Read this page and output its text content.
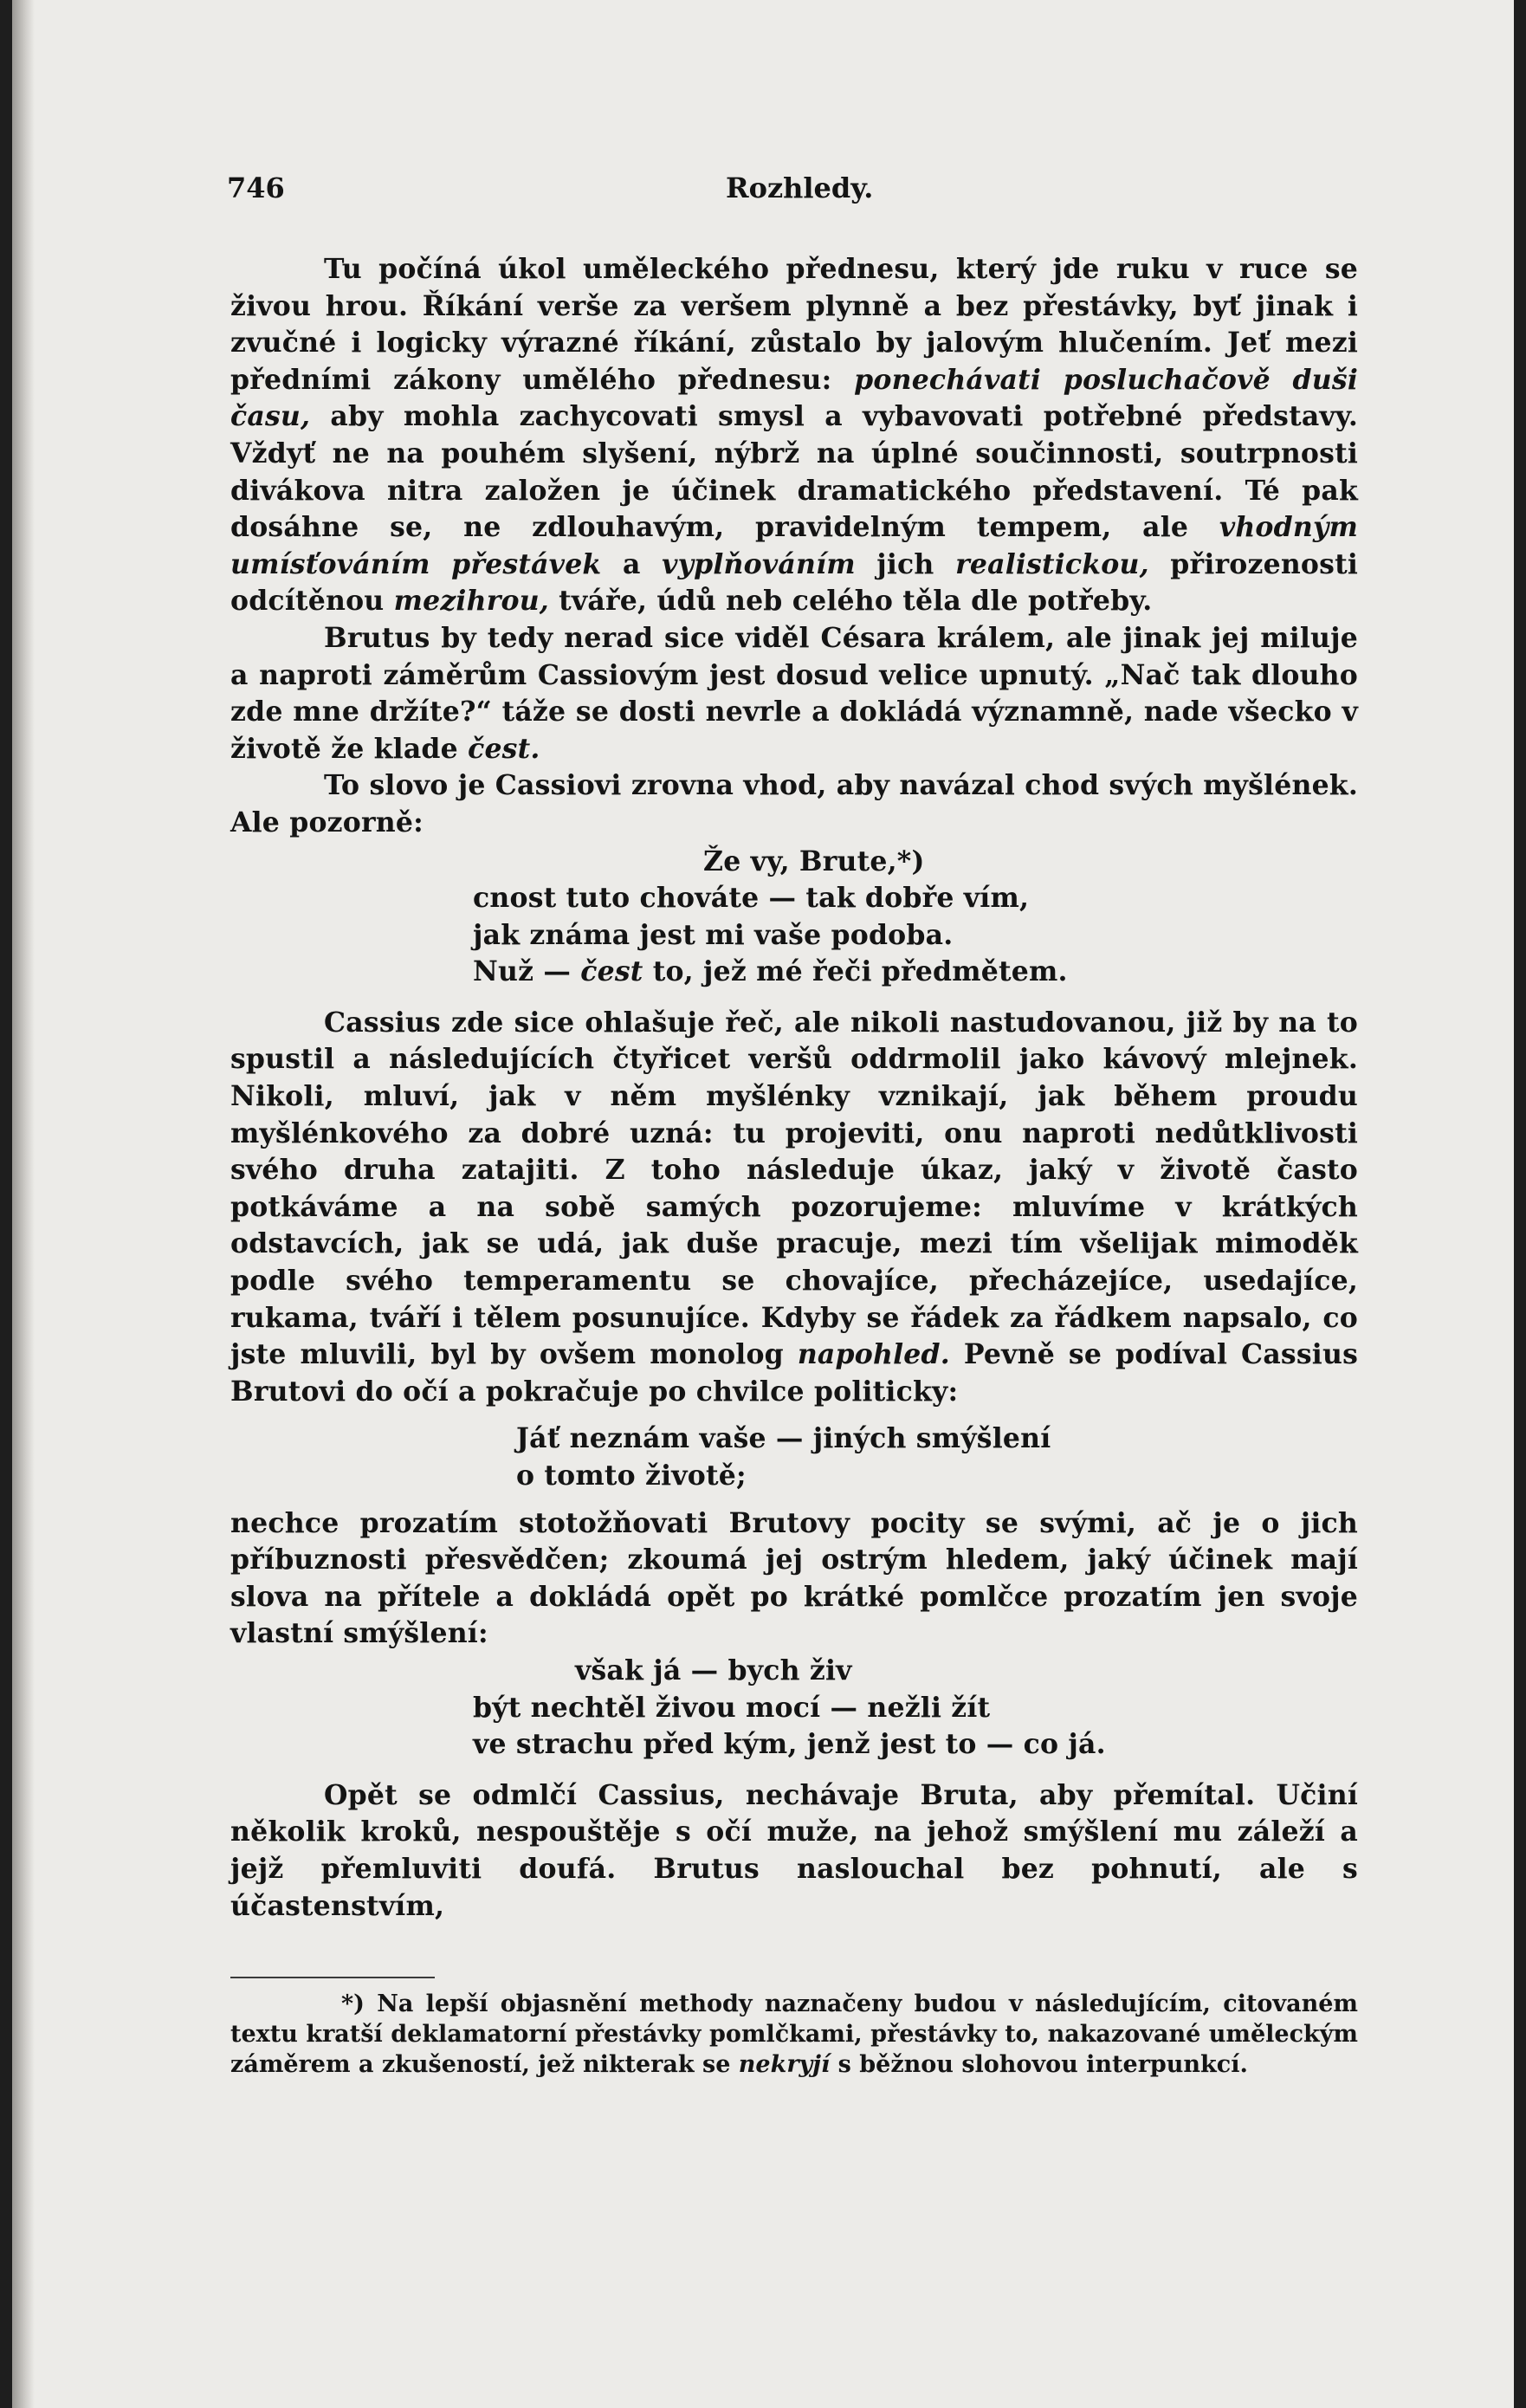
746	Rozhledy.

Tu počíná úkol uměleckého přednesu, který jde ruku v ruce se živou hrou. Říkání verše za veršem plynně a bez přestávky, byť jinak i zvučné i logicky výrazné říkání, zůstalo by jalovým hlučením. Jeť mezi předními zákony umělého přednesu: ponechávati posluchačově duši času, aby mohla zachycovati smysl a vybavovati potřebné představy. Vždyť ne na pouhém slyšení, nýbrž na úplné součinnosti, soutrpnosti divákova nitra založen je účinek dramatického představení. Té pak dosáhne se, ne zdlouhavým, pravidelným tempem, ale vhodným umísťováním přestávek a vyplňováním jich realistickou, přirozenosti odcítěnou mezihrou, tváře, údů neb celého těla dle potřeby.

Brutus by tedy nerad sice viděl Césara králem, ale jinak jej miluje a naproti záměrům Cassiovým jest dosud velice upnutý. „Nač tak dlouho zde mne držíte?“ táže se dosti nevrle a dokládá významně, nade všecko v životě že klade čest.

To slovo je Cassiovi zrovna vhod, aby navázal chod svých myšlének. Ale pozorně:

Že vy, Brute,*)
cnost tuto chováte — tak dobře vím,
jak známa jest mi vaše podoba.
Nuž — čest to, jež mé řeči předmětem.

Cassius zde sice ohlašuje řeč, ale nikoli nastudovanou, již by na to spustil a následujících čtyřicet veršů oddrmolil jako kávový mlejnek. Nikoli, mluví, jak v něm myšlénky vznikají, jak během proudu myšlénkového za dobré uzná: tu projeviti, onu naproti nedůtklivosti svého druha zatajiti. Z toho následuje úkaz, jaký v životě často potkáváme a na sobě samých pozorujeme: mluvíme v krátkých odstavcích, jak se udá, jak duše pracuje, mezi tím všelijak mimoděk podle svého temperamentu se chovajíce, přecházejíce, usedajíce, rukama, tváří i tělem posunujíce. Kdyby se řádek za řádkem napsalo, co jste mluvili, byl by ovšem monolog napohled. Pevně se podíval Cassius Brutovi do očí a pokračuje po chvilce politicky:

Jáť neznám vaše — jiných smýšlení
o tomto životě;

nechce prozatím stotožňovati Brutovy pocity se svými, ač je o jich příbuznosti přesvědčen; zkoumá jej ostrým hledem, jaký účinek mají slova na přítele a dokládá opět po krátké pomlčce prozatím jen svoje vlastní smýšlení:

však já — bych živ
být nechtěl živou mocí — nežli žít
ve strachu před kým, jenž jest to — co já.

Opět se odmlčí Cassius, nechávaje Bruta, aby přemítal. Učiní několik kroků, nespouštěje s očí muže, na jehož smýšlení mu záleží a jejž přemluviti doufá. Brutus naslouchal bez pohnutí, ale s účastenstvím,

*) Na lepší objasnění methody naznačeny budou v následujícím, citovaném textu kratší deklamatorní přestávky pomlčkami, přestávky to, nakazované uměleckým záměrem a zkušeností, jež nikterak se nekryjí s běžnou slohovou interpunkcí.
